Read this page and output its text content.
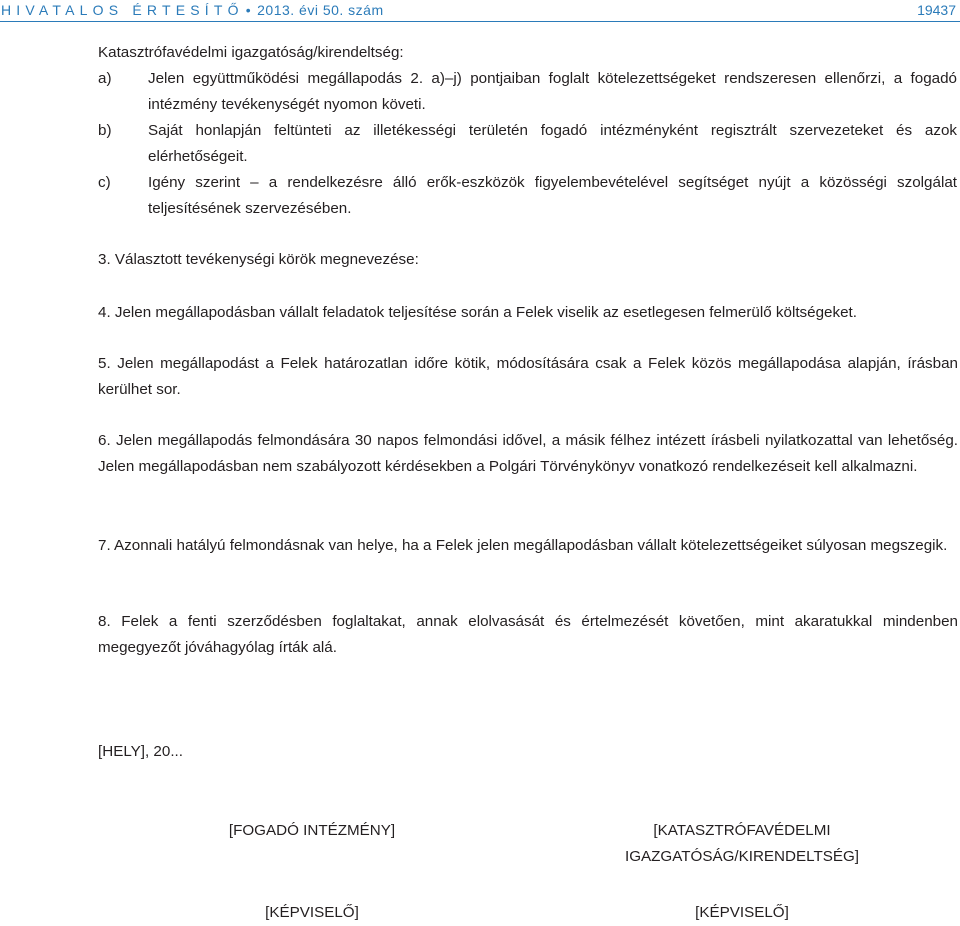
HIVATALOS ÉRTESÍTŐ • 2013. évi 50. szám	19437

Katasztrófavédelmi igazgatóság/kirendeltség:

a) Jelen együttműködési megállapodás 2. a)–j) pontjaiban foglalt kötelezettségeket rendszeresen ellenőrzi, a fogadó intézmény tevékenységét nyomon követi.

b) Saját honlapján feltünteti az illetékességi területén fogadó intézményként regisztrált szervezeteket és azok elérhetőségeit.

c) Igény szerint – a rendelkezésre álló erők-eszközök figyelembevételével segítséget nyújt a közösségi szolgálat teljesítésének szervezésében.

3. Választott tevékenységi körök megnevezése:

4. Jelen megállapodásban vállalt feladatok teljesítése során a Felek viselik az esetlegesen felmerülő költségeket.

5. Jelen megállapodást a Felek határozatlan időre kötik, módosítására csak a Felek közös megállapodása alapján, írásban kerülhet sor.

6. Jelen megállapodás felmondására 30 napos felmondási idővel, a másik félhez intézett írásbeli nyilatkozattal van lehetőség. Jelen megállapodásban nem szabályozott kérdésekben a Polgári Törvénykönyv vonatkozó rendelkezéseit kell alkalmazni.

7. Azonnali hatályú felmondásnak van helye, ha a Felek jelen megállapodásban vállalt kötelezettségeiket súlyosan megszegik.

8. Felek a fenti szerződésben foglaltakat, annak elolvasását és értelmezését követően, mint akaratukkal mindenben megegyezőt jóváhagyólag írták alá.

[HELY], 20...
[FOGADÓ INTÉZMÉNY]	[KATASZTRÓFAVÉDELMI
IGAZGATÓSÁG/KIRENDELTSÉG]
[KÉPVISELŐ]	[KÉPVISELŐ]
